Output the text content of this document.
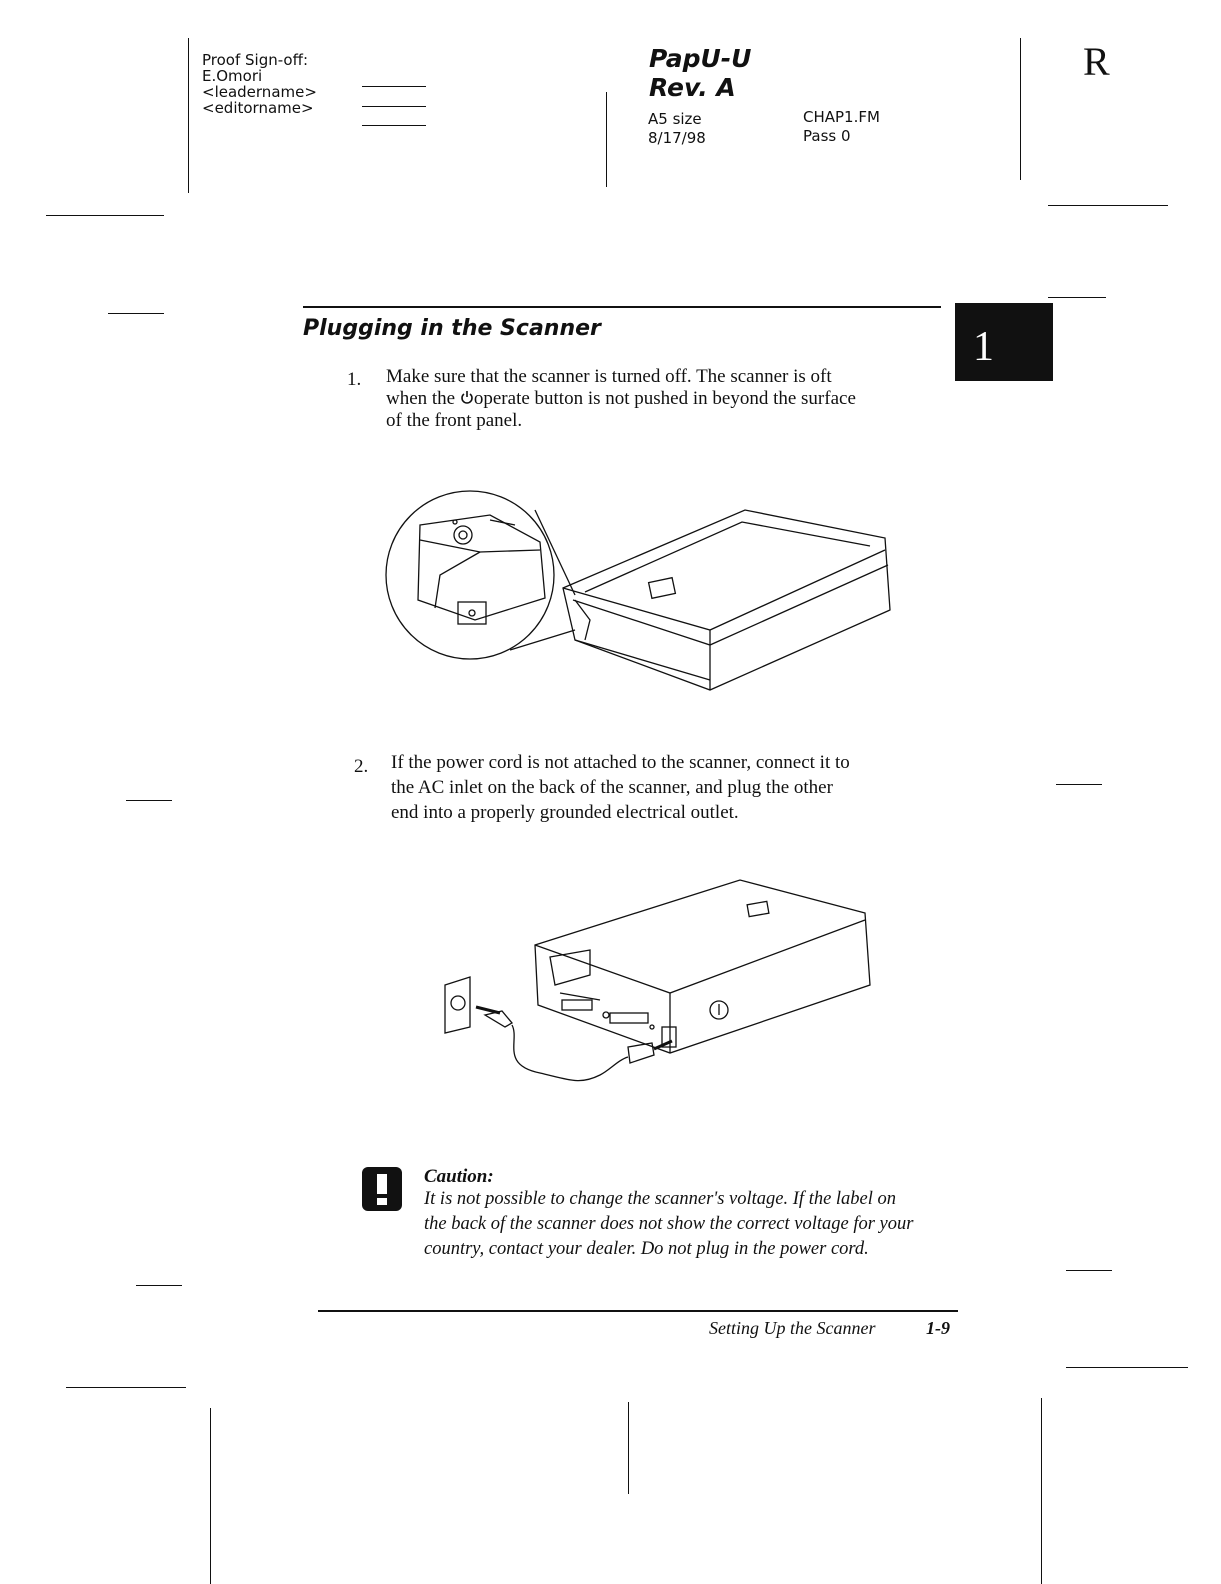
Proof Sign-off:
E.Omori
<leadername>
<editorname>
PapU-U
Rev. A
A5 size
8/17/98
CHAP1.FM
Pass 0
R
Plugging in the Scanner	1
1. Make sure that the scanner is turned off. The scanner is oft
when the operate button is not pushed in beyond the surface
of the front panel.
2. If the power cord is not attached to the scanner, connect it to
the AC inlet on the back of the scanner, and plug the other
end into a properly grounded electrical outlet.
Caution:
It is not possible to change the scanner's voltage. If the label on
the back of the scanner does not show the correct voltage for your
country, contact your dealer. Do not plug in the power cord.
Setting Up the Scanner	1-9
